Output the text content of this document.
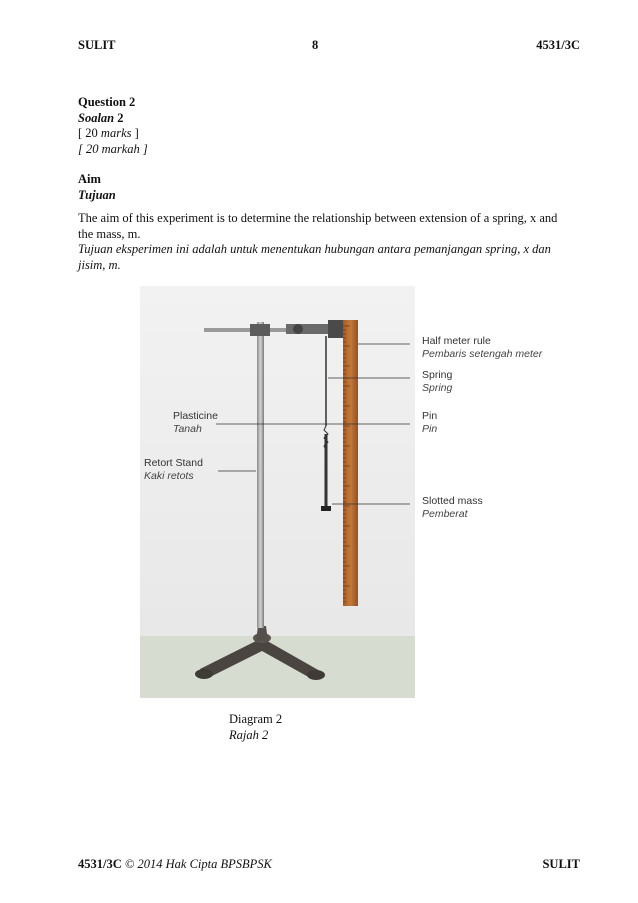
SULIT	8	4531/3C
Question 2
Soalan 2
[ 20 marks ]
[ 20 markah ]
Aim
Tujuan
The aim of this experiment is to determine the relationship between extension of a spring, x and the mass, m.
Tujuan eksperimen ini adalah untuk menentukan hubungan antara pemanjangan spring, x dan jisim, m.
Half meter rule
Pembaris setengah meter
Spring
Spring
Plasticine
Tanah
Pin
Pin
Retort Stand
Kaki retots
Slotted mass
Pemberat
Diagram 2
Rajah 2
4531/3C © 2014 Hak Cipta BPSBPSK	SULIT
